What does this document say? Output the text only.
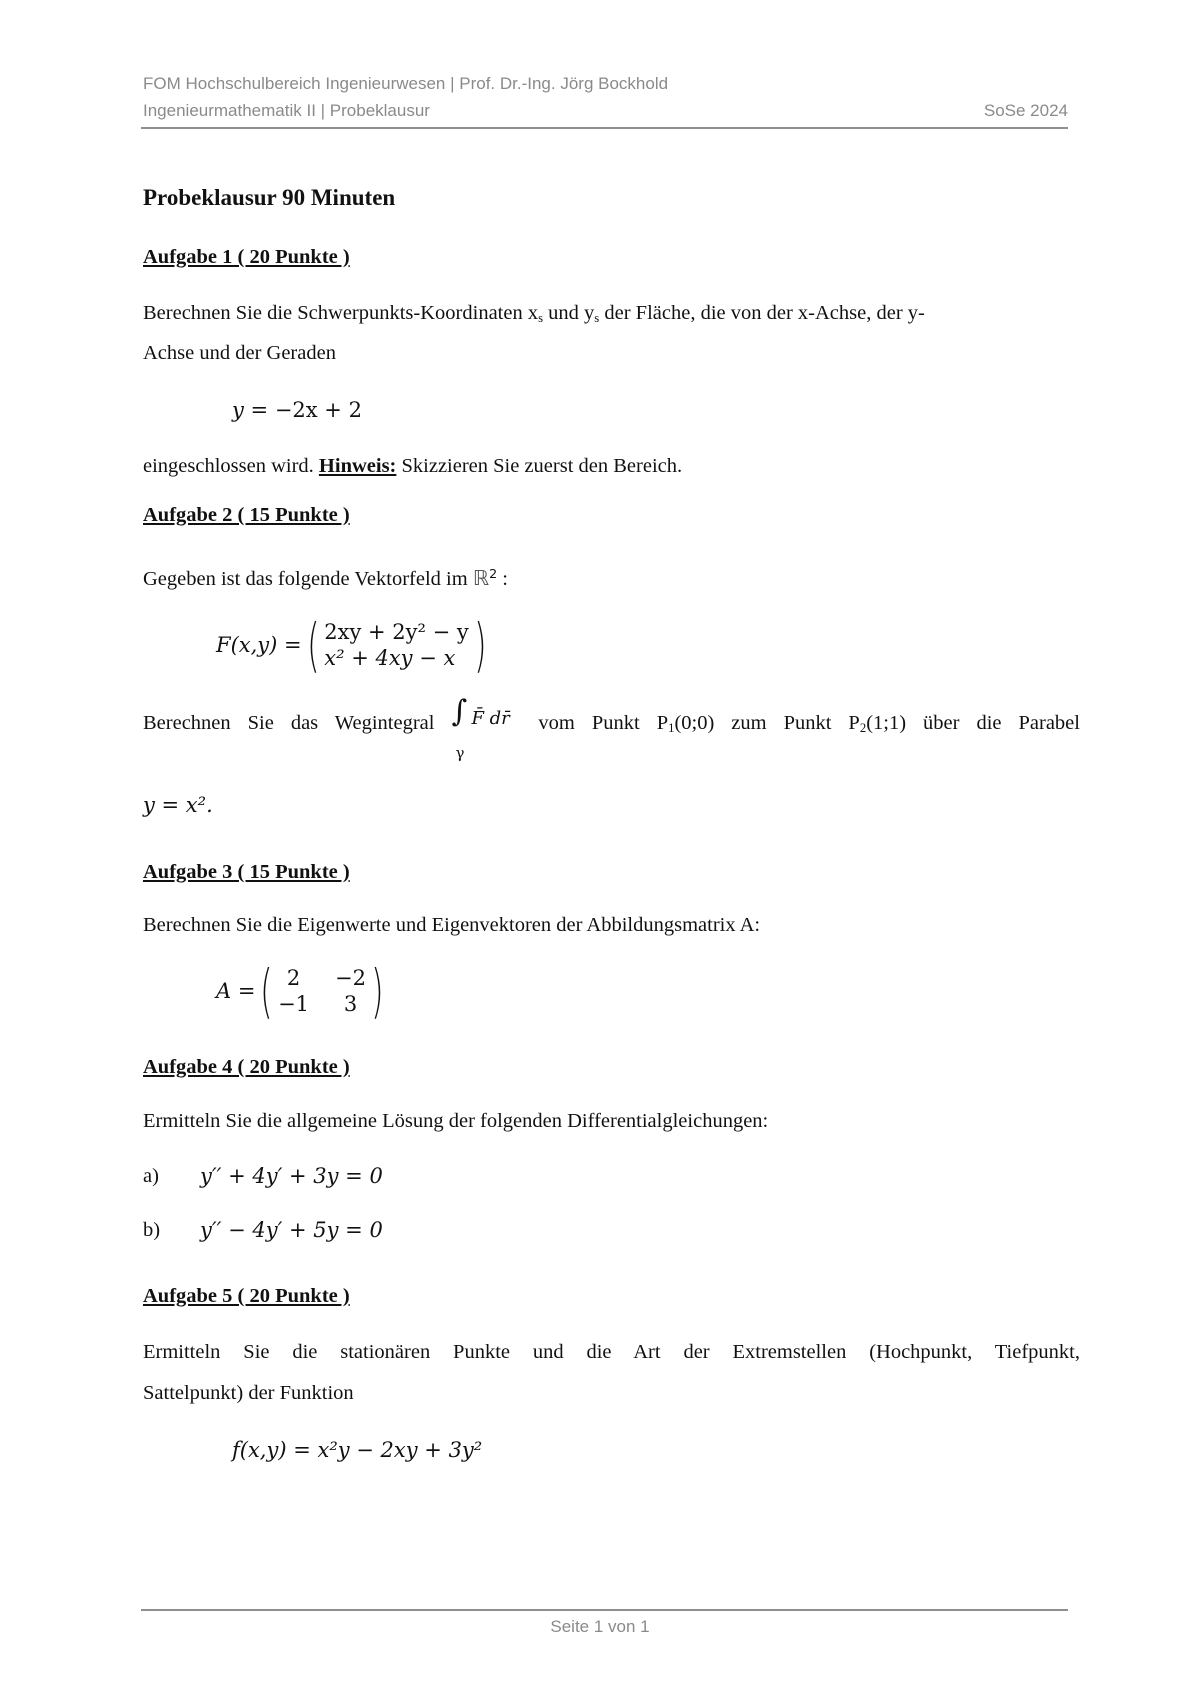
FOM Hochschulbereich Ingenieurwesen | Prof. Dr.-Ing. Jörg Bockhold
Ingenieurmathematik II | Probeklausur	SoSe 2024
Probeklausur 90 Minuten
Aufgabe 1 ( 20 Punkte )
Berechnen Sie die Schwerpunkts-Koordinaten $x_s$ und $y_s$ der Fläche, die von der x-Achse, der y-
Achse und der Geraden
y = −2x + 2
eingeschlossen wird. Hinweis: Skizzieren Sie zuerst den Bereich.
Aufgabe 2 ( 15 Punkte )
Gegeben ist das folgende Vektorfeld im ℝ$^2$ :
F(x,y) = ( 2xy + 2y² − y
x² + 4xy − x )
Berechnen Sie das Wegintegral ∫ F̄ dr̄
γ
vom Punkt $P_1(0;0)$ zum Punkt $P_2(1;1)$ über die Parabel
y = x².
Aufgabe 3 ( 15 Punkte )
Berechnen Sie die Eigenwerte und Eigenvektoren der Abbildungsmatrix A:
A = ( 2	−2
−1	3 )
Aufgabe 4 ( 20 Punkte )
Ermitteln Sie die allgemeine Lösung der folgenden Differentialgleichungen:
a) y′′ + 4y′ + 3y = 0
b) y′′ − 4y′ + 5y = 0
Aufgabe 5 ( 20 Punkte )
Ermitteln Sie die stationären Punkte und die Art der Extremstellen (Hochpunkt, Tiefpunkt,
Sattelpunkt) der Funktion
f(x,y) = x²y − 2xy + 3y²
Seite 1 von 1
